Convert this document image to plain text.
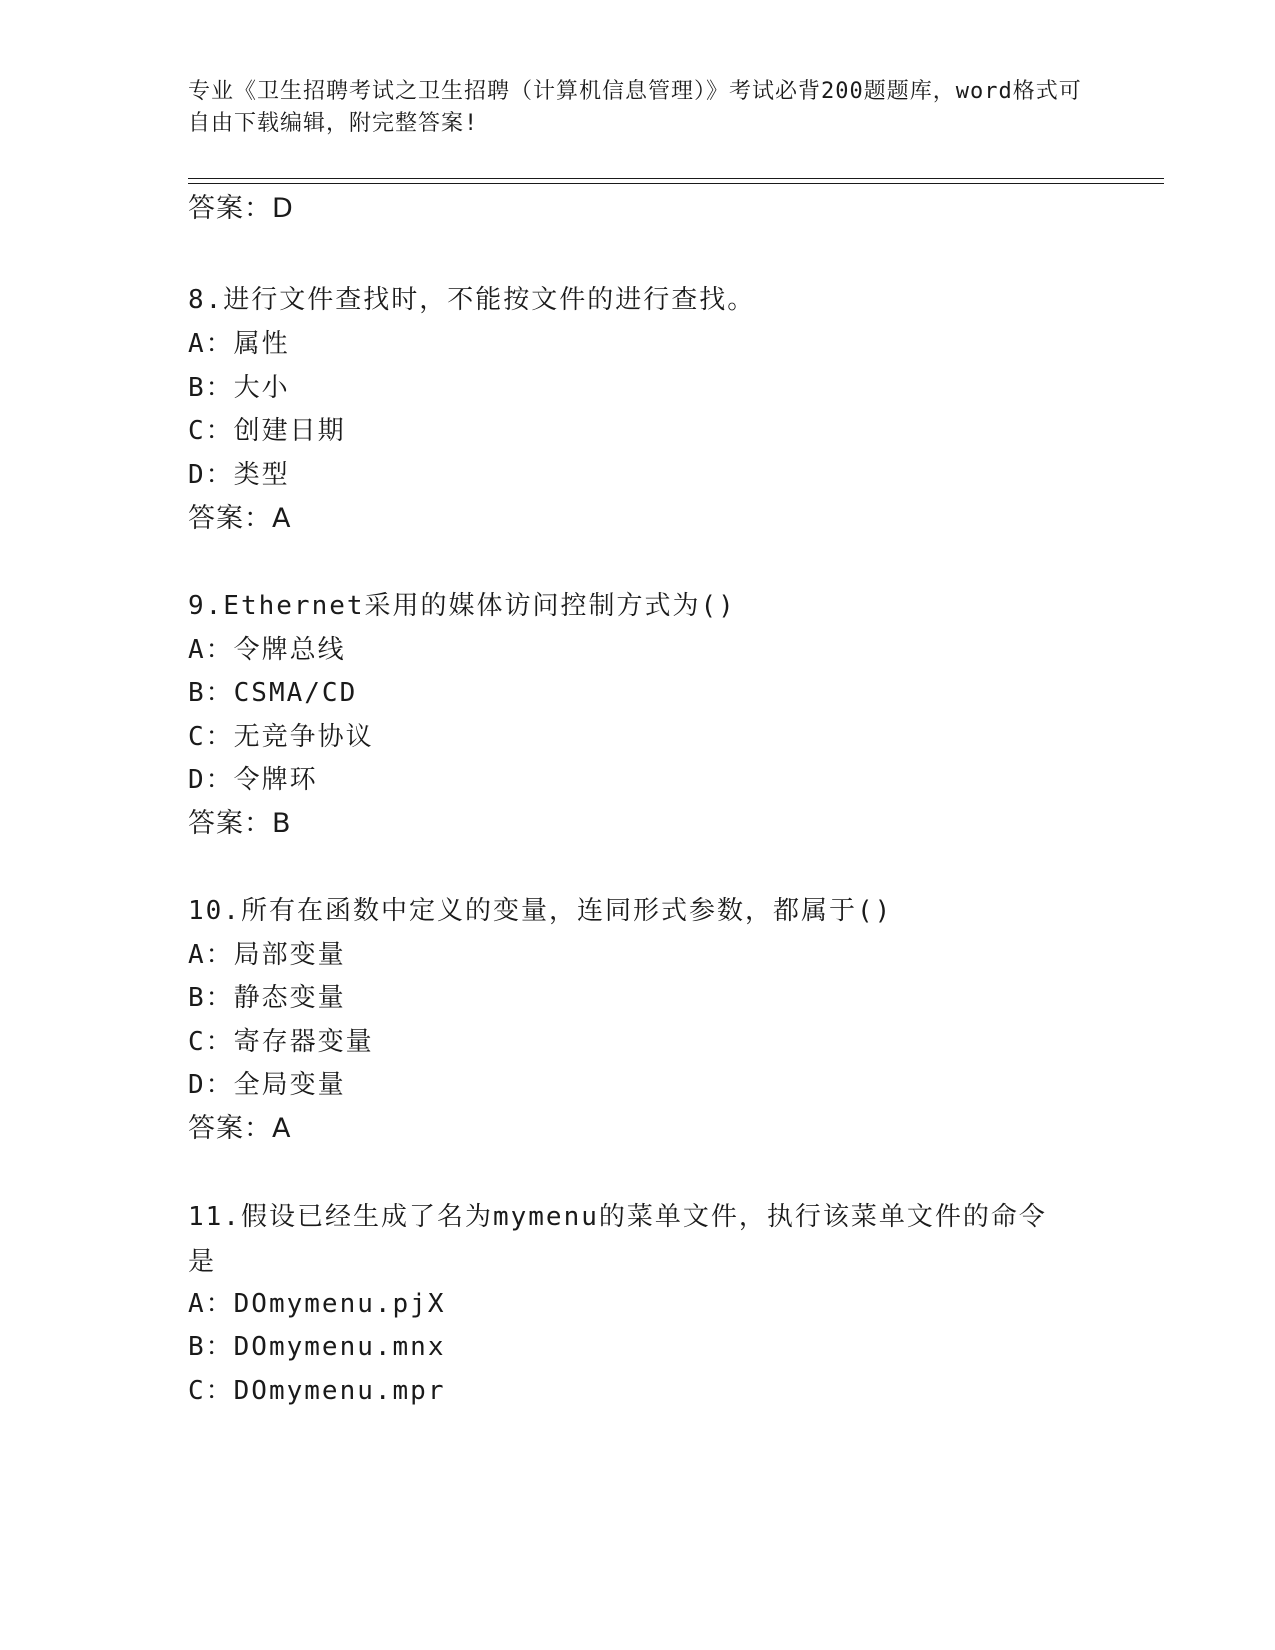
专业《卫生招聘考试之卫生招聘（计算机信息管理）》考试必背200题题库，word格式可自由下载编辑，附完整答案!
答案：D
8.进行文件查找时，不能按文件的进行查找。
A：属性
B：大小
C：创建日期
D：类型
答案：A
9.Ethernet采用的媒体访问控制方式为()
A：令牌总线
B：CSMA/CD
C：无竞争协议
D：令牌环
答案：B
10.所有在函数中定义的变量，连同形式参数，都属于()
A：局部变量
B：静态变量
C：寄存器变量
D：全局变量
答案：A
11.假设已经生成了名为mymenu的菜单文件，执行该菜单文件的命令是
A：DOmymenu.pjX
B：DOmymenu.mnx
C：DOmymenu.mpr
